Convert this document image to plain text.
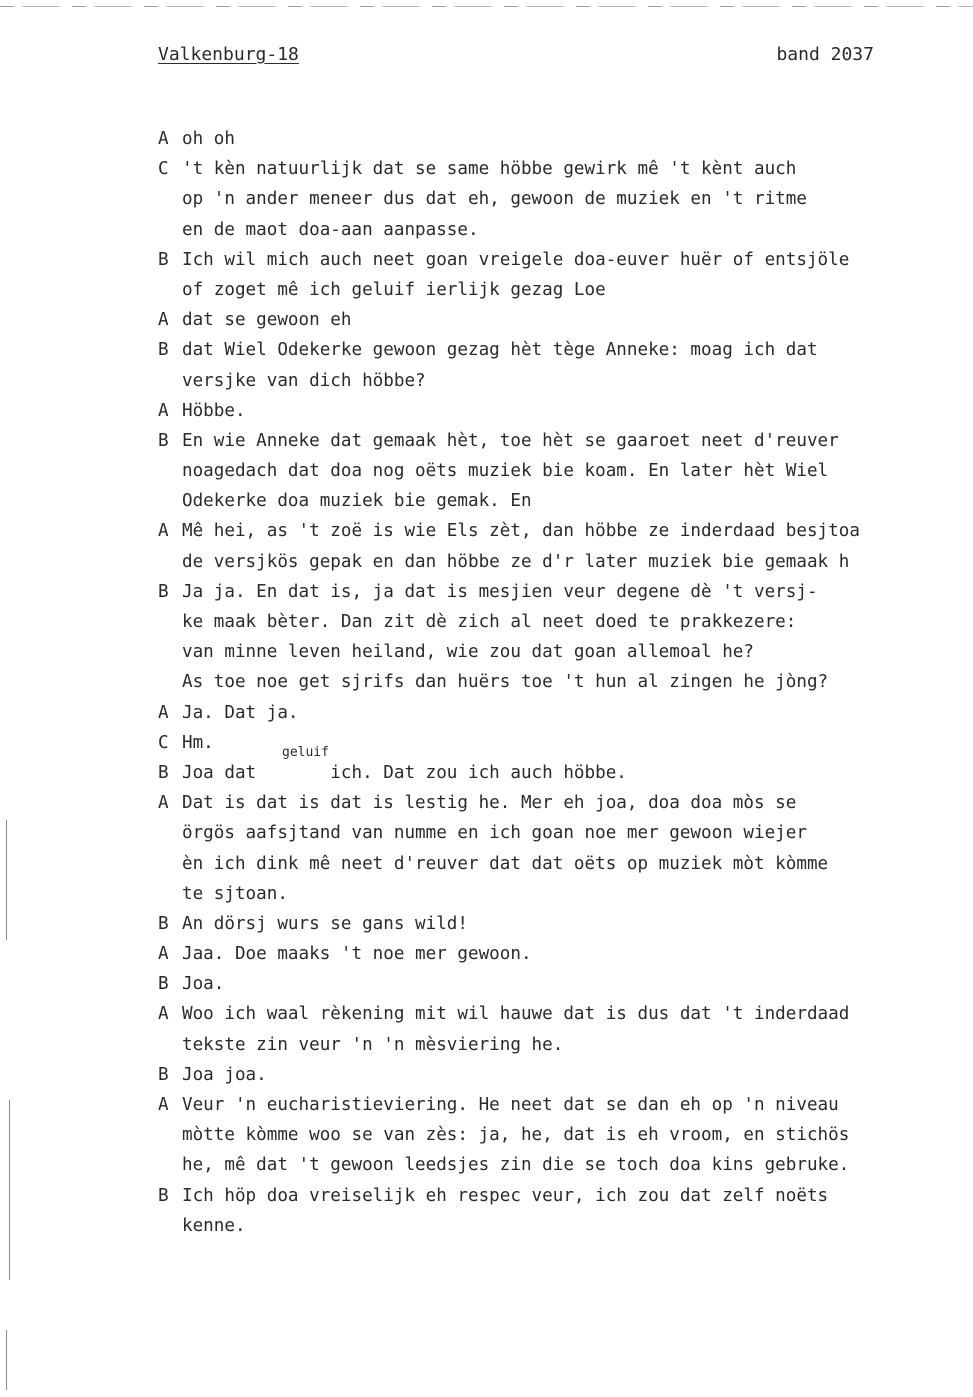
Valkenburg-18	band 2037
A oh oh
C 't kèn natuurlijk dat se same höbbe gewirk mê 't kènt auch
op 'n ander meneer dus dat eh, gewoon de muziek en 't ritme
en de maot doa-aan aanpasse.
B Ich wil mich auch neet goan vreigele doa-euver huër of entsjöle
of zoget mê ich geluif ierlijk gezag Loe
A dat se gewoon eh
B dat Wiel Odekerke gewoon gezag hèt tège Anneke: moag ich dat
versjke van dich höbbe?
A Höbbe.
B En wie Anneke dat gemaak hèt, toe hèt se gaaroet neet d'reuver
noagedach dat doa nog oëts muziek bie koam. En later hèt Wiel
Odekerke doa muziek bie gemak. En
A Mê hei, as 't zoë is wie Els zèt, dan höbbe ze inderdaad besjtoa
de versjkös gepak en dan höbbe ze d'r later muziek bie gemaak h
B Ja ja. En dat is, ja dat is mesjien veur degene dè 't versj-
ke maak bèter. Dan zit dè zich al neet doed te prakkezere:
van minne leven heiland, wie zou dat goan allemoal he?
As toe noe get sjrifs dan huërs toe 't hun al zingen he jòng?
A Ja. Dat ja.
C Hm.
B Joa dat       ich. Dat zou ich auch höbbe.
geluif
A Dat is dat is dat is lestig he. Mer eh joa, doa doa mòs se
örgös aafsjtand van numme en ich goan noe mer gewoon wiejer
èn ich dink mê neet d'reuver dat dat oëts op muziek mòt kòmme
te sjtoan.
B An dörsj wurs se gans wild!
A Jaa. Doe maaks 't noe mer gewoon.
B Joa.
A Woo ich waal rèkening mit wil hauwe dat is dus dat 't inderdaad
tekste zin veur 'n 'n mèsviering he.
B Joa joa.
A Veur 'n eucharistieviering. He neet dat se dan eh op 'n niveau
mòtte kòmme woo se van zès: ja, he, dat is eh vroom, en stichös
he, mê dat 't gewoon leedsjes zin die se toch doa kins gebruke.
B Ich höp doa vreiselijk eh respec veur, ich zou dat zelf noëts
kenne.
